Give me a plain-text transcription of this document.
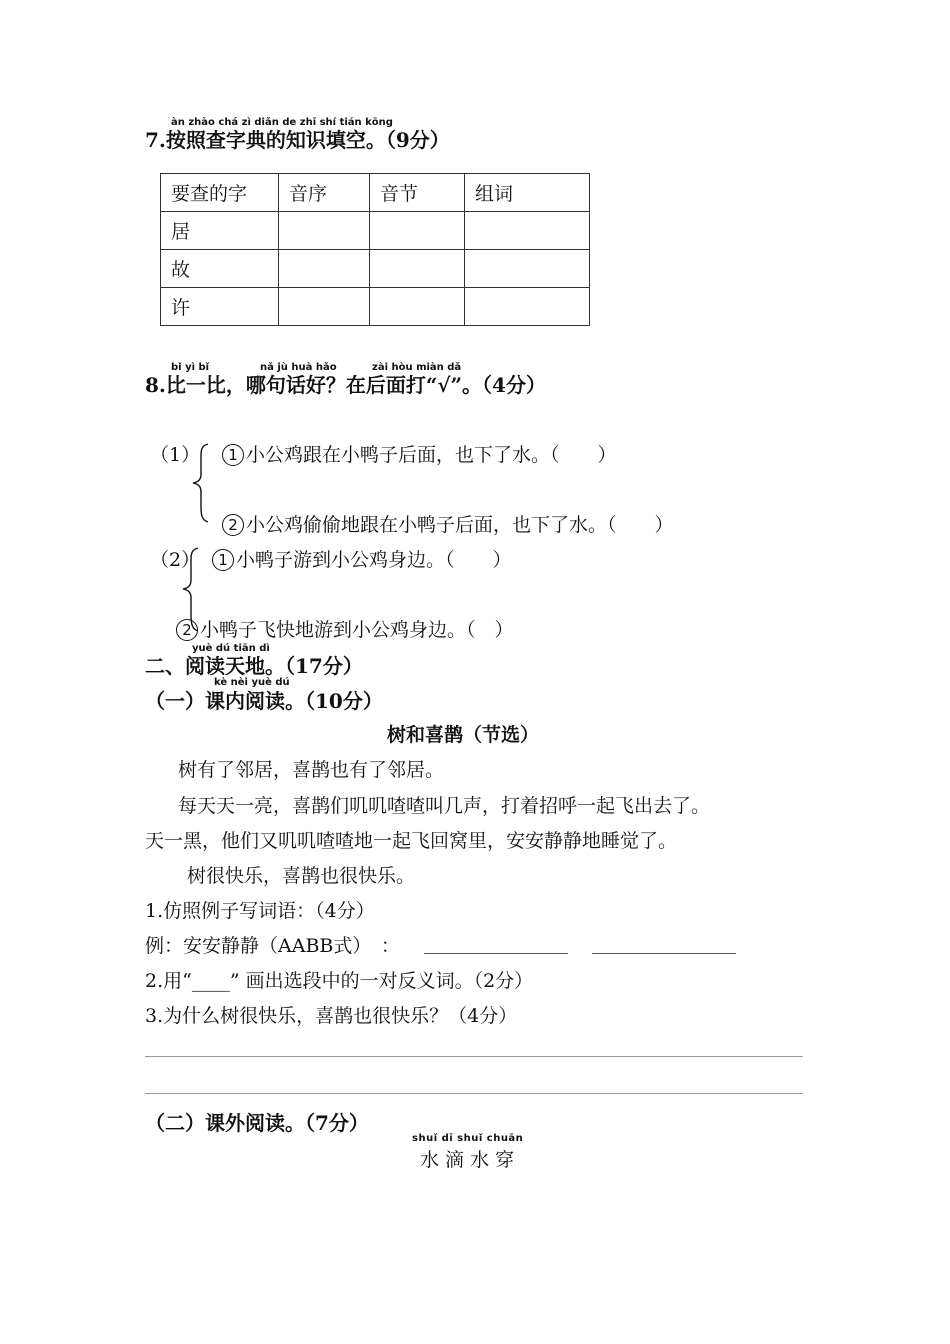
àn zhào chá zì diǎn de zhī shí tián kōng
7.按照查字典的知识填空。（9分）
要查的字	音序	音节	组词
居			
故			
许			
bǐ yì bǐ	nǎ jù huà hǎo	zài hòu miàn dǎ
8.比一比，哪句话好？在后面打“√”。（4分）
（1）	1 小公鸡跟在小鸭子后面，也下了水。（　　）
2 小公鸡偷偷地跟在小鸭子后面，也下了水。（　　）
（2）	1 小鸭子游到小公鸡身边。（　　）
2 小鸭子飞快地游到小公鸡身边。（　）
yuè dú tiān dì
二、阅读天地。（17分）
kè nèi yuè dú
（一）课内阅读。（10分）
树和喜鹊（节选）
树有了邻居，喜鹊也有了邻居。
每天天一亮，喜鹊们叽叽喳喳叫几声，打着招呼一起飞出去了。
天一黑，他们又叽叽喳喳地一起飞回窝里，安安静静地睡觉了。
树很快乐，喜鹊也很快乐。
1.仿照例子写词语：（4分）
例：安安静静（AABB式）　：
2.用“____” 画出选段中的一对反义词。（2分）
3.为什么树很快乐，喜鹊也很快乐？（4分）
（二）课外阅读。（7分）
shuǐ dī shuǐ chuān
水 滴 水 穿
